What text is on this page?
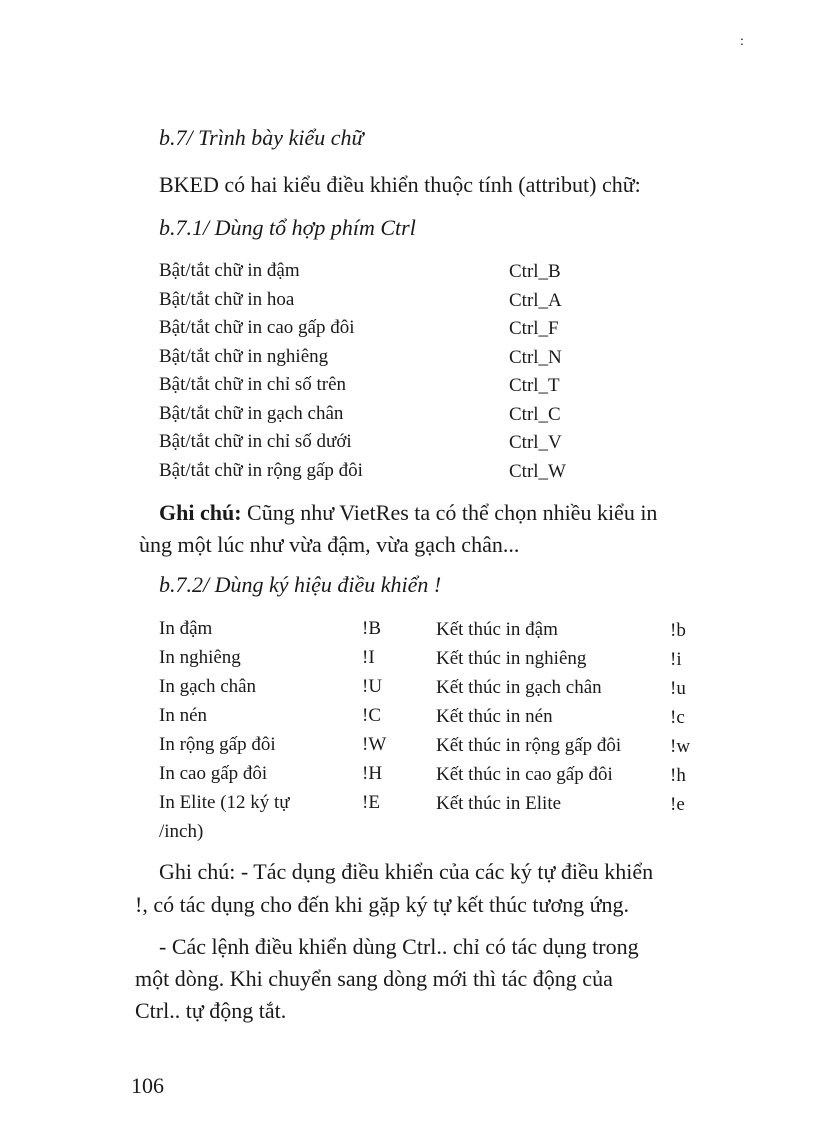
:
b.7/ Trình bày kiểu chữ
BKED có hai kiểu điều khiển thuộc tính (attribut) chữ:
b.7.1/ Dùng tổ hợp phím Ctrl
Bật/tắt chữ in đậm
Bật/tắt chữ in hoa
Bật/tắt chữ in cao gấp đôi
Bật/tắt chữ in nghiêng
Bật/tắt chữ in chỉ số trên
Bật/tắt chữ in gạch chân
Bật/tắt chữ in chỉ số dưới
Bật/tắt chữ in rộng gấp đôi
Ctrl_B
Ctrl_A
Ctrl_F
Ctrl_N
Ctrl_T
Ctrl_C
Ctrl_V
Ctrl_W
Ghi chú: Cũng như VietRes ta có thể chọn nhiều kiểu in
ùng một lúc như vừa đậm, vừa gạch chân...
b.7.2/ Dùng ký hiệu điều khiển !
In đậm
In nghiêng
In gạch chân
In nén
In rộng gấp đôi
In cao gấp đôi
In Elite (12 ký tự
/inch)
!B
!I
!U
!C
!W
!H
!E
Kết thúc in đậm
Kết thúc in nghiêng
Kết thúc in gạch chân
Kết thúc in nén
Kết thúc in rộng gấp đôi
Kết thúc in cao gấp đôi
Kết thúc in Elite
!b
!i
!u
!c
!w
!h
!e
Ghi chú: - Tác dụng điều khiển của các ký tự điều khiển
!, có tác dụng cho đến khi gặp ký tự kết thúc tương ứng.
- Các lệnh điều khiển dùng Ctrl.. chỉ có tác dụng trong
một dòng. Khi chuyển sang dòng mới thì tác động của
Ctrl.. tự động tắt.
106
